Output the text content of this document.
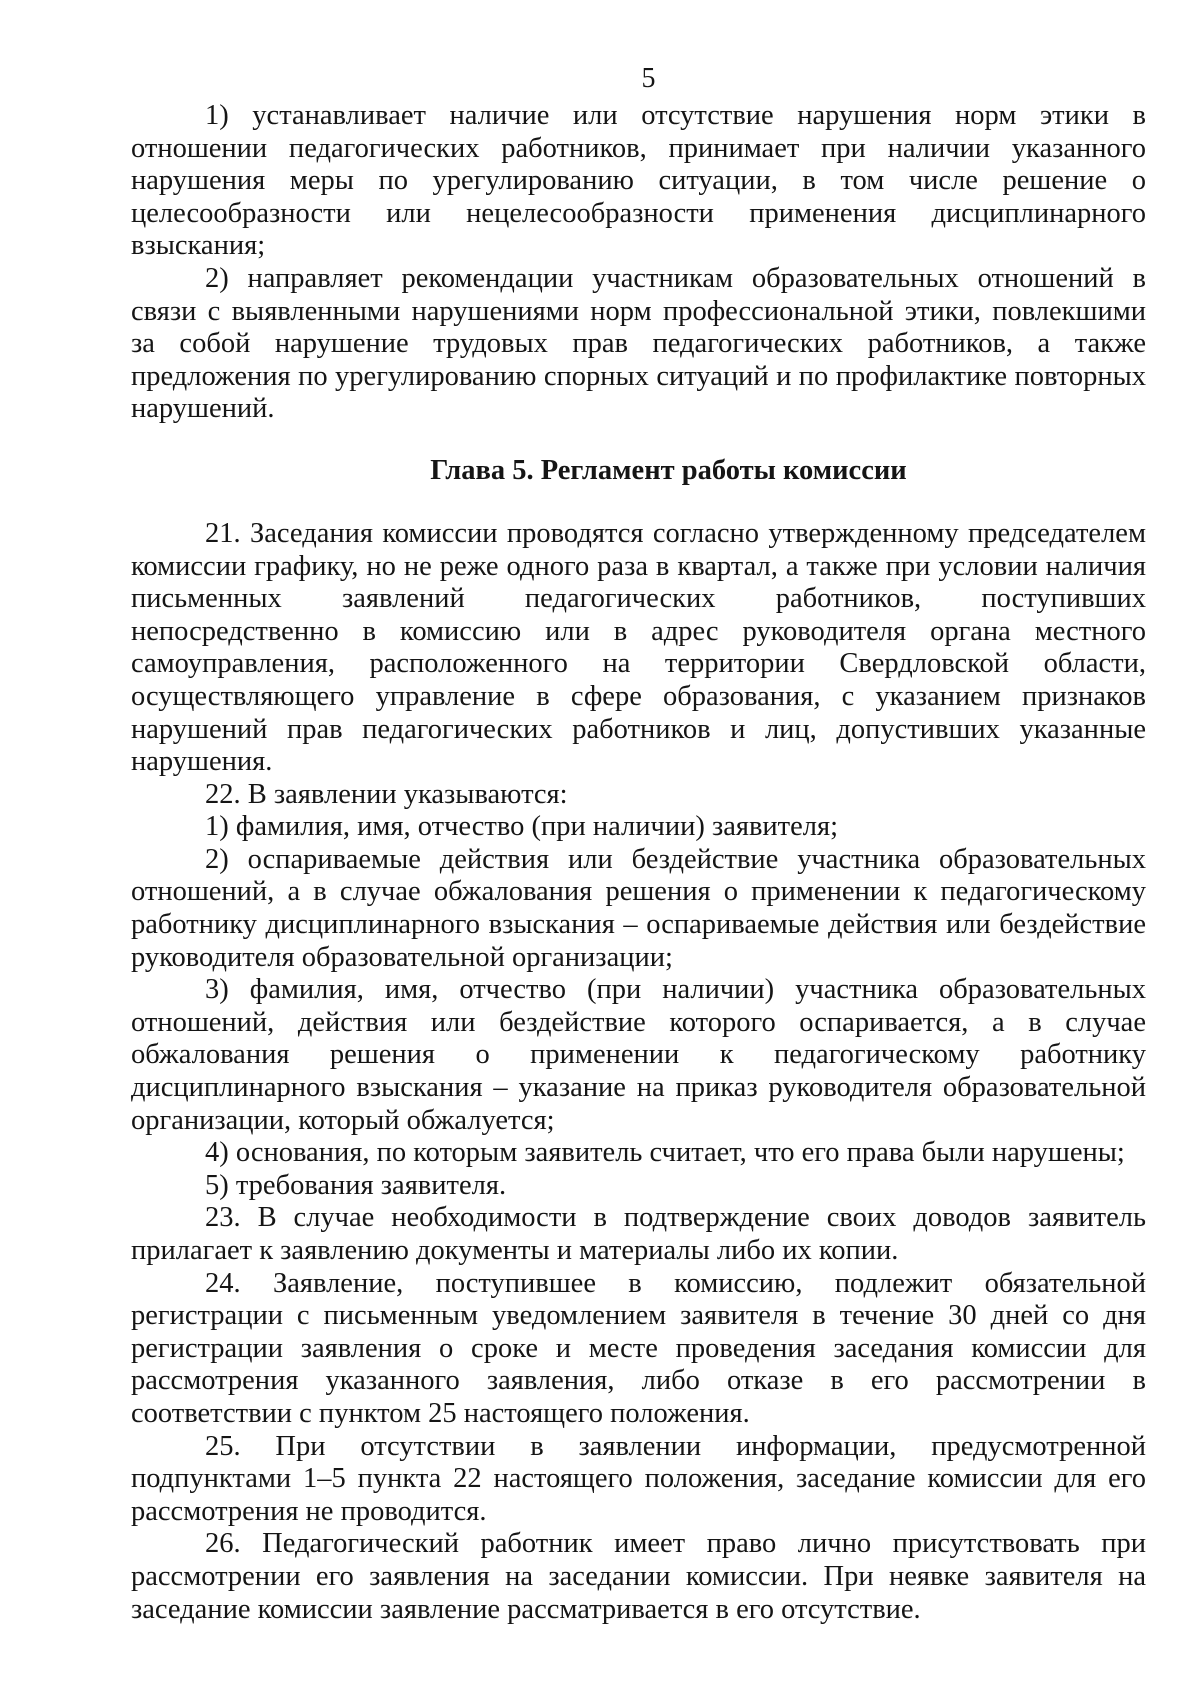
5

1) устанавливает наличие или отсутствие нарушения норм этики в отношении педагогических работников, принимает при наличии указанного нарушения меры по урегулированию ситуации, в том числе решение о целесообразности или нецелесообразности применения дисциплинарного взыскания;

2) направляет рекомендации участникам образовательных отношений в связи с выявленными нарушениями норм профессиональной этики, повлекшими за собой нарушение трудовых прав педагогических работников, а также предложения по урегулированию спорных ситуаций и по профилактике повторных нарушений.

Глава 5. Регламент работы комиссии

21. Заседания комиссии проводятся согласно утвержденному председателем комиссии графику, но не реже одного раза в квартал, а также при условии наличия письменных заявлений педагогических работников, поступивших непосредственно в комиссию или в адрес руководителя органа местного самоуправления, расположенного на территории Свердловской области, осуществляющего управление в сфере образования, с указанием признаков нарушений прав педагогических работников и лиц, допустивших указанные нарушения.

22. В заявлении указываются:

1) фамилия, имя, отчество (при наличии) заявителя;

2) оспариваемые действия или бездействие участника образовательных отношений, а в случае обжалования решения о применении к педагогическому работнику дисциплинарного взыскания – оспариваемые действия или бездействие руководителя образовательной организации;

3) фамилия, имя, отчество (при наличии) участника образовательных отношений, действия или бездействие которого оспаривается, а в случае обжалования решения о применении к педагогическому работнику дисциплинарного взыскания – указание на приказ руководителя образовательной организации, который обжалуется;

4) основания, по которым заявитель считает, что его права были нарушены;

5) требования заявителя.

23. В случае необходимости в подтверждение своих доводов заявитель прилагает к заявлению документы и материалы либо их копии.

24. Заявление, поступившее в комиссию, подлежит обязательной регистрации с письменным уведомлением заявителя в течение 30 дней со дня регистрации заявления о сроке и месте проведения заседания комиссии для рассмотрения указанного заявления, либо отказе в его рассмотрении в соответствии с пунктом 25 настоящего положения.

25. При отсутствии в заявлении информации, предусмотренной подпунктами 1–5 пункта 22 настоящего положения, заседание комиссии для его рассмотрения не проводится.

26. Педагогический работник имеет право лично присутствовать при рассмотрении его заявления на заседании комиссии. При неявке заявителя на заседание комиссии заявление рассматривается в его отсутствие.
